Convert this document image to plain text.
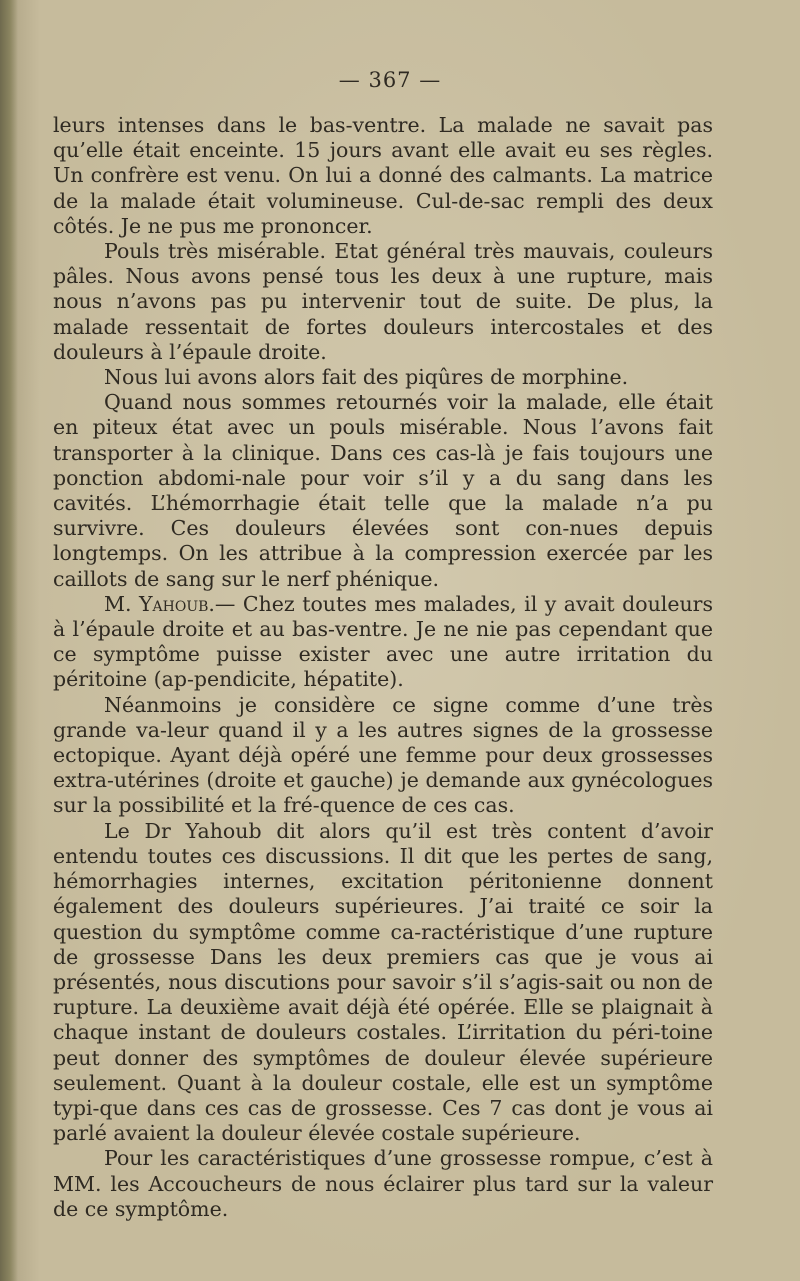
— 367 —

leurs intenses dans le bas-ventre. La malade ne savait pas qu’elle était enceinte. 15 jours avant elle avait eu ses règles. Un confrère est venu. On lui a donné des calmants. La matrice de la malade était volumineuse. Cul-de-sac rempli des deux côtés. Je ne pus me prononcer.

Pouls très misérable. Etat général très mauvais, couleurs pâles. Nous avons pensé tous les deux à une rupture, mais nous n’avons pas pu intervenir tout de suite. De plus, la malade ressentait de fortes douleurs intercostales et des douleurs à l’épaule droite.

Nous lui avons alors fait des piqûres de morphine.

Quand nous sommes retournés voir la malade, elle était en piteux état avec un pouls misérable. Nous l’avons fait transporter à la clinique. Dans ces cas-là je fais toujours une ponction abdomi-nale pour voir s’il y a du sang dans les cavités. L’hémorrhagie était telle que la malade n’a pu survivre. Ces douleurs élevées sont con-nues depuis longtemps. On les attribue à la compression exercée par les caillots de sang sur le nerf phénique.

M. Yahoub.— Chez toutes mes malades, il y avait douleurs à l’épaule droite et au bas-ventre. Je ne nie pas cependant que ce symptôme puisse exister avec une autre irritation du péritoine (ap-pendicite, hépatite).

Néanmoins je considère ce signe comme d’une très grande va-leur quand il y a les autres signes de la grossesse ectopique. Ayant déjà opéré une femme pour deux grossesses extra-utérines (droite et gauche) je demande aux gynécologues sur la possibilité et la fré-quence de ces cas.

Le Dr Yahoub dit alors qu’il est très content d’avoir entendu toutes ces discussions. Il dit que les pertes de sang, hémorrhagies internes, excitation péritonienne donnent également des douleurs supérieures. J’ai traité ce soir la question du symptôme comme ca-ractéristique d’une rupture de grossesse Dans les deux premiers cas que je vous ai présentés, nous discutions pour savoir s’il s’agis-sait ou non de rupture. La deuxième avait déjà été opérée. Elle se plaignait à chaque instant de douleurs costales. L’irritation du péri-toine peut donner des symptômes de douleur élevée supérieure seulement. Quant à la douleur costale, elle est un symptôme typi-que dans ces cas de grossesse. Ces 7 cas dont je vous ai parlé avaient la douleur élevée costale supérieure.

Pour les caractéristiques d’une grossesse rompue, c’est à MM. les Accoucheurs de nous éclairer plus tard sur la valeur de ce symptôme.
